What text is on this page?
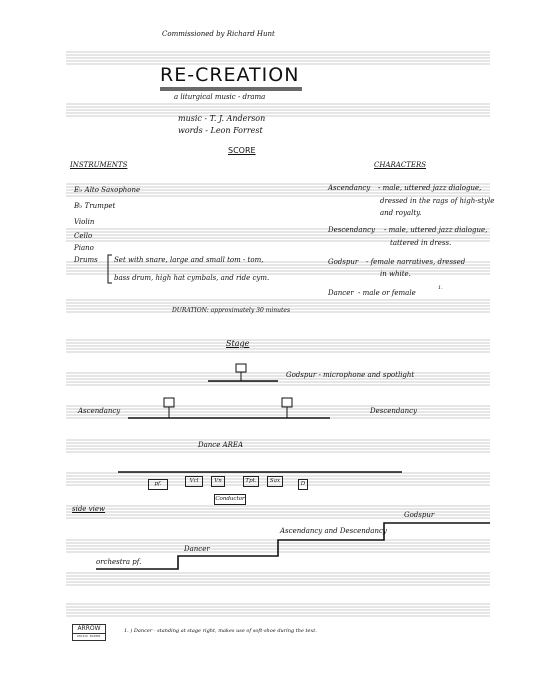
Commissioned by Richard Hunt
RE-CREATION
a liturgical music - drama
music - T. J. Anderson
words - Leon Forrest
SCORE
INSTRUMENTS
E♭ Alto Saxophone
B♭ Trumpet
Violin
Cello
Piano
Drums Set with snare, large and small tom - tom,
bass drum, high hat cymbals, and ride cym.
CHARACTERS
Ascendancy - male, uttered jazz dialogue,
dressed in the rags of high-style
and royalty.
Descendancy - male, uttered jazz dialogue,
tattered in dress.
Godspur - female narratives, dressed
in white.
Dancer - male or female
1.
DURATION: approximately 30 minutes
Stage
Godspur - microphone and spotlight
Ascendancy	Descendancy
Dance AREA
pf.	Vcl	Vn	Tpt.	Sax	D
Conductor
side view
Godspur
Ascendancy and Descendancy
Dancer
orchestra pf.
ARROW
MUSIC PAPER
1. ) Dancer - standing at stage right, makes use of soft-shoe during the text.
